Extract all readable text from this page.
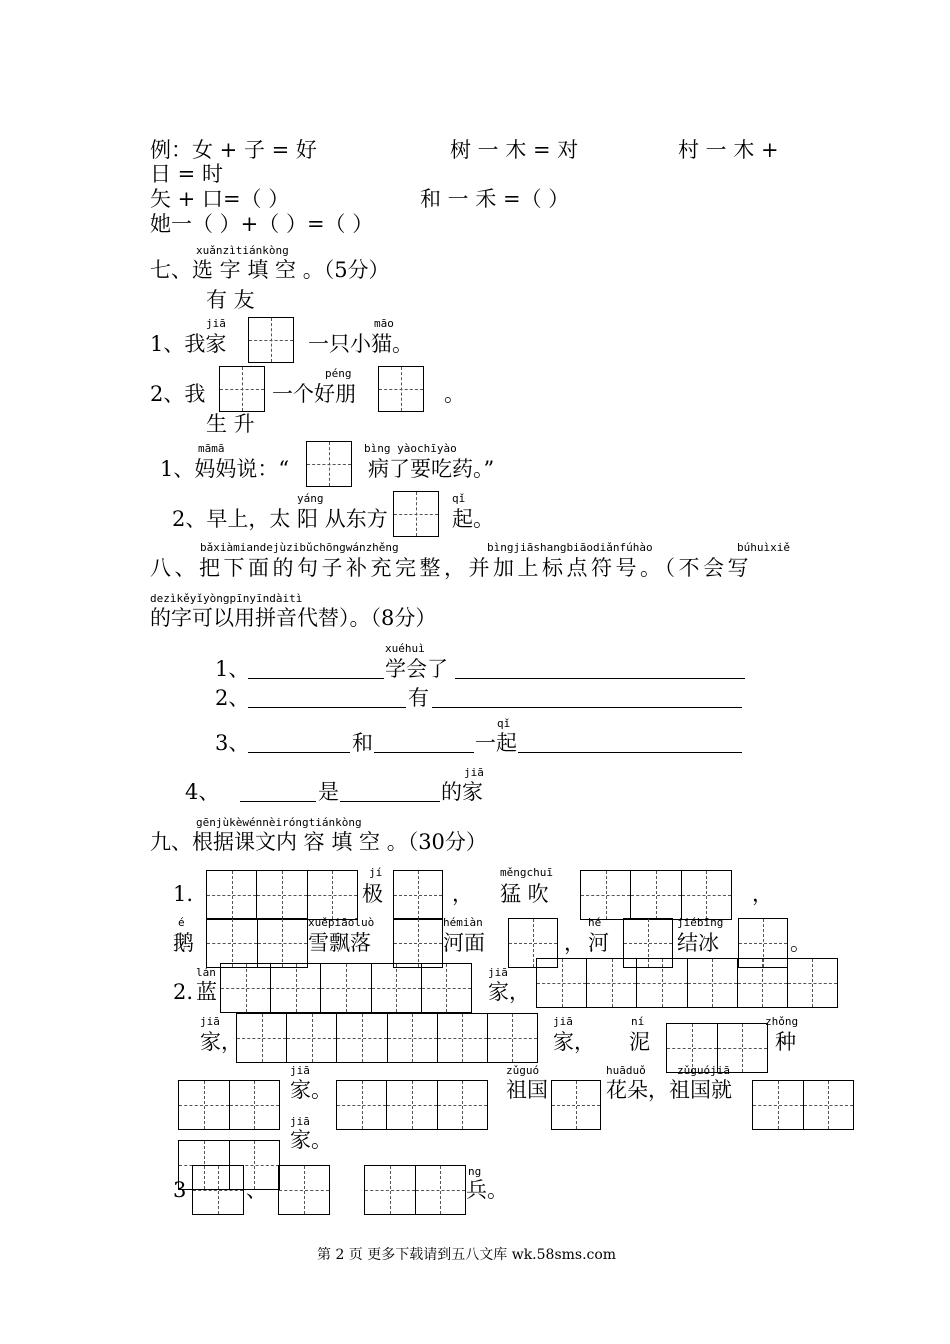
例：女 + 子 = 好	树 一 木 = 对	村 一 木 +
日 = 时
矢 + 口=（ ）	和 一 禾 =（ ）
她一（ ）+（ ）=（ ）
xuǎnzìtiánkòng
七、选 字 填 空 。（5分）
有 友
jiā	māo
1、我家	一只小猫。
péng
2、我	一个好朋	。
生 升
māmā	bìng yàochīyào
1、妈妈说：“	病了要吃药。”
yáng	qǐ
2、早上，太 阳 从东方	起。
bǎxiàmiandejùzibǔchōngwánzhěng	bìngjiāshangbiāodiǎnfúhào	búhuìxiě
八、把下面的句子补充完整，并加上标点符号。（不会写
dezìkěyǐyòngpīnyīndàitì
的字可以用拼音代替）。（8分）
xuéhuì
1、	学会了
2、	有
qǐ
3、	和	一起
jiā
4、	是	的家
gēnjùkèwénnèiróngtiánkòng
九、根据课文内 容 填 空 。（30分）
1.
jí
极	，
měngchuī
猛 吹	，
é
鹅
xuěpiāoluò
雪飘落
hémiàn
河面	，
hé
河
jiébīng
结冰	。
lán
2. 蓝
jiā
家，
jiā
家，
jiā
家，
ní
泥
zhǒng
种
jiā
家。
zǔguó
祖国
huāduǒ
花朵，祖国就
zǔguójiā
jiā
家。
3	、
ng
兵。
第 2 页 更多下载请到五八文库 wk.58sms.com
